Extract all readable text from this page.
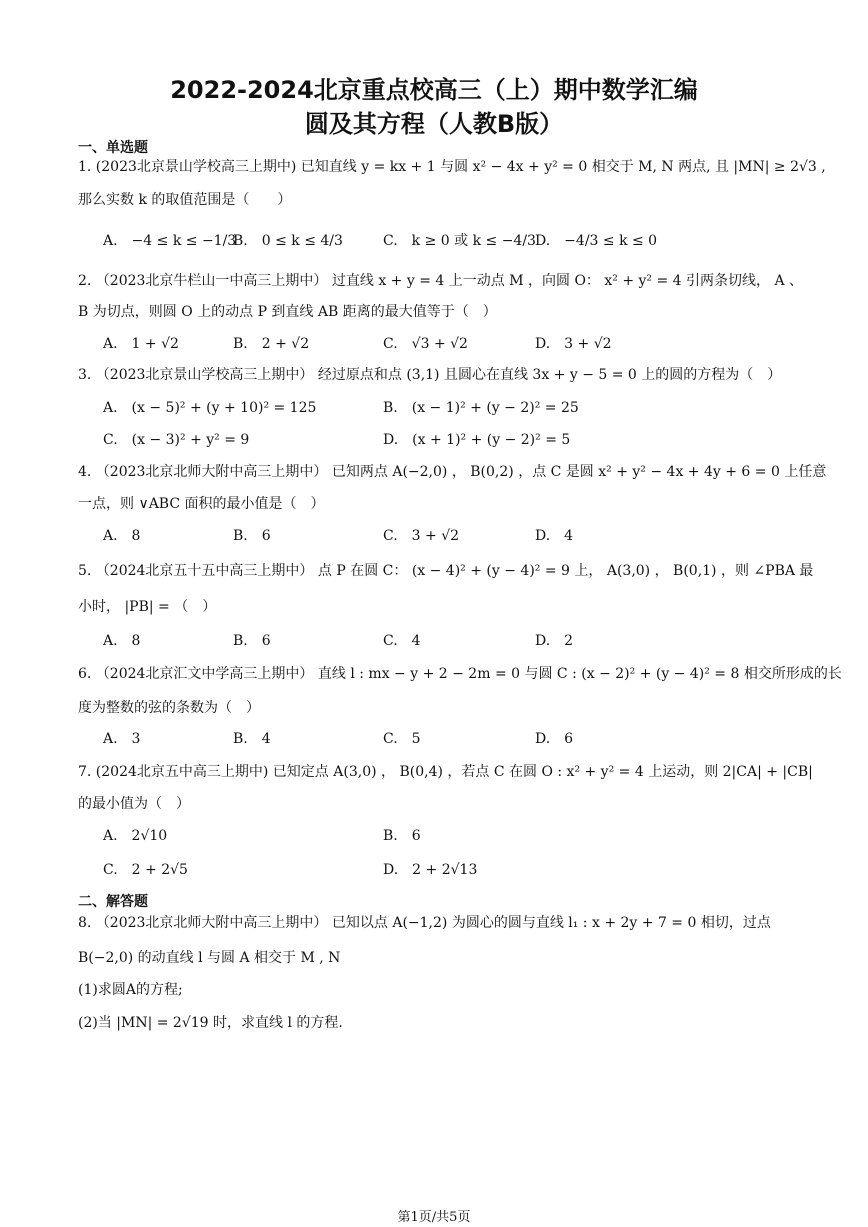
2022-2024北京重点校高三（上）期中数学汇编
圆及其方程（人教B版）
一、单选题
1. (2023北京景山学校高三上期中) 已知直线 y = kx + 1 与圆 x² − 4x + y² = 0 相交于 M, N 两点, 且 |MN| ≥ 2√3 ,
那么实数 k 的取值范围是（　　）
A.　−4 ≤ k ≤ −1/3
B.　0 ≤ k ≤ 4/3	C.　k ≥ 0 或 k ≤ −4/3 D.　−4/3 ≤ k ≤ 0
2. （2023北京牛栏山一中高三上期中） 过直线 x + y = 4 上一动点 M ，向圆 O： x² + y² = 4 引两条切线， A 、
B 为切点，则圆 O 上的动点 P 到直线 AB 距离的最大值等于（　）
A.　1 + √2	B.　2 + √2	C.　√3 + √2	D.　3 + √2
3. （2023北京景山学校高三上期中） 经过原点和点 (3,1) 且圆心在直线 3x + y − 5 = 0 上的圆的方程为（　）
A.　(x − 5)² + (y + 10)² = 125	B.　(x − 1)² + (y − 2)² = 25
C.　(x − 3)² + y² = 9	D.　(x + 1)² + (y − 2)² = 5
4. （2023北京北师大附中高三上期中） 已知两点 A(−2,0) ， B(0,2) ，点 C 是圆 x² + y² − 4x + 4y + 6 = 0 上任意
一点，则 ∨ABC 面积的最小值是（　）
A.　8	B.　6	C.　3 + √2	D.　4
5. （2024北京五十五中高三上期中） 点 P 在圆 C： (x − 4)² + (y − 4)² = 9 上， A(3,0) ， B(0,1) ，则 ∠PBA 最
小时， |PB| = （　）
A.　8	B.　6	C.　4	D.　2
6. （2024北京汇文中学高三上期中） 直线 l : mx − y + 2 − 2m = 0 与圆 C : (x − 2)² + (y − 4)² = 8 相交所形成的长
度为整数的弦的条数为（　）
A.　3	B.　4	C.　5	D.　6
7. (2024北京五中高三上期中) 已知定点 A(3,0) ， B(0,4) ，若点 C 在圆 O : x² + y² = 4 上运动，则 2|CA| + |CB|
的最小值为（　）
A.　2√10	B.　6
C.　2 + 2√5	D.　2 + 2√13
二、解答题
8. （2023北京北师大附中高三上期中） 已知以点 A(−1,2) 为圆心的圆与直线 l₁ : x + 2y + 7 = 0 相切，过点
B(−2,0) 的动直线 l 与圆 A 相交于 M , N
(1)求圆A的方程;
(2)当 |MN| = 2√19 时，求直线 l 的方程.
第1页/共5页
